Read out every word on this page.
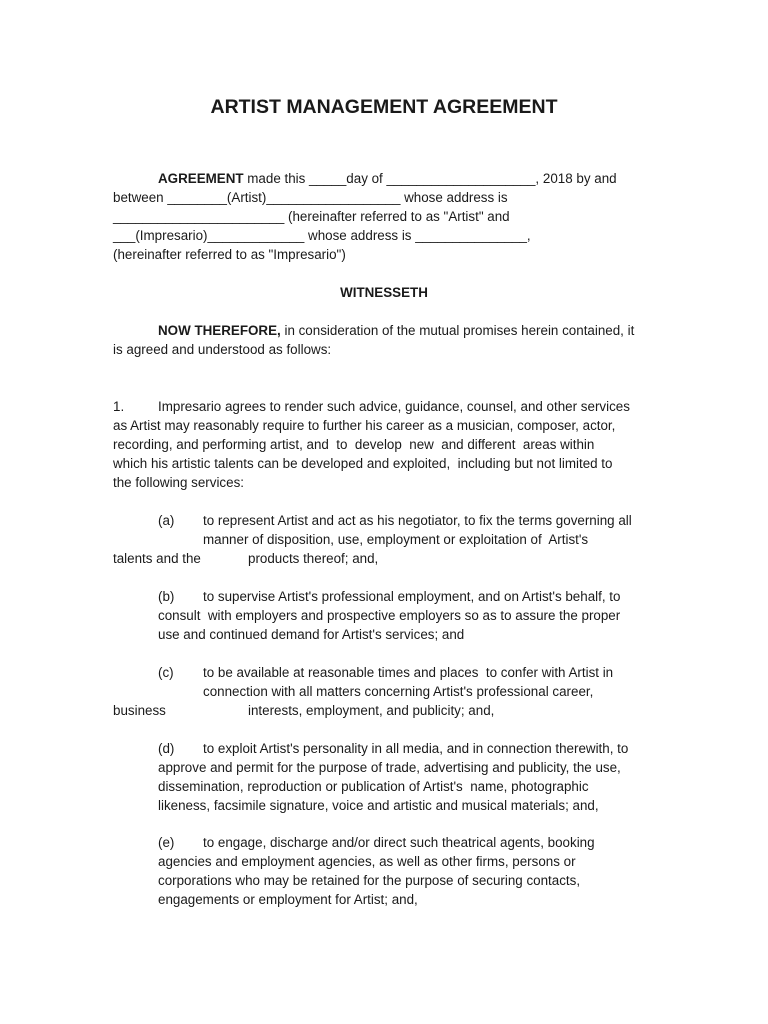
ARTIST MANAGEMENT AGREEMENT
AGREEMENT made this _____day of ____________________, 2018 by and
between ________(Artist)__________________ whose address is
_______________________ (hereinafter referred to as "Artist" and
___(Impresario)_____________ whose address is _______________,
(hereinafter referred to as "Impresario")
WITNESSETH
NOW THEREFORE, in consideration of the mutual promises herein contained, it
is agreed and understood as follows:
1.	Impresario agrees to render such advice, guidance, counsel, and other services
as Artist may reasonably require to further his career as a musician, composer, actor,
recording, and performing artist, and  to  develop  new  and different  areas within
which his artistic talents can be developed and exploited,  including but not limited to
the following services:
(a) to represent Artist and act as his negotiator, to fix the terms governing all
manner of disposition, use, employment or exploitation of  Artist's
talents and the	products thereof; and,
(b) to supervise Artist's professional employment, and on Artist's behalf, to
consult  with employers and prospective employers so as to assure the proper
use and continued demand for Artist's services; and
(c) to be available at reasonable times and places  to confer with Artist in
connection with all matters concerning Artist's professional career,
business	interests, employment, and publicity; and,
(d) to exploit Artist's personality in all media, and in connection therewith, to
approve and permit for the purpose of trade, advertising and publicity, the use,
dissemination, reproduction or publication of Artist's  name, photographic
likeness, facsimile signature, voice and artistic and musical materials; and,
(e) to engage, discharge and/or direct such theatrical agents, booking
agencies and employment agencies, as well as other firms, persons or
corporations who may be retained for the purpose of securing contacts,
engagements or employment for Artist; and,
